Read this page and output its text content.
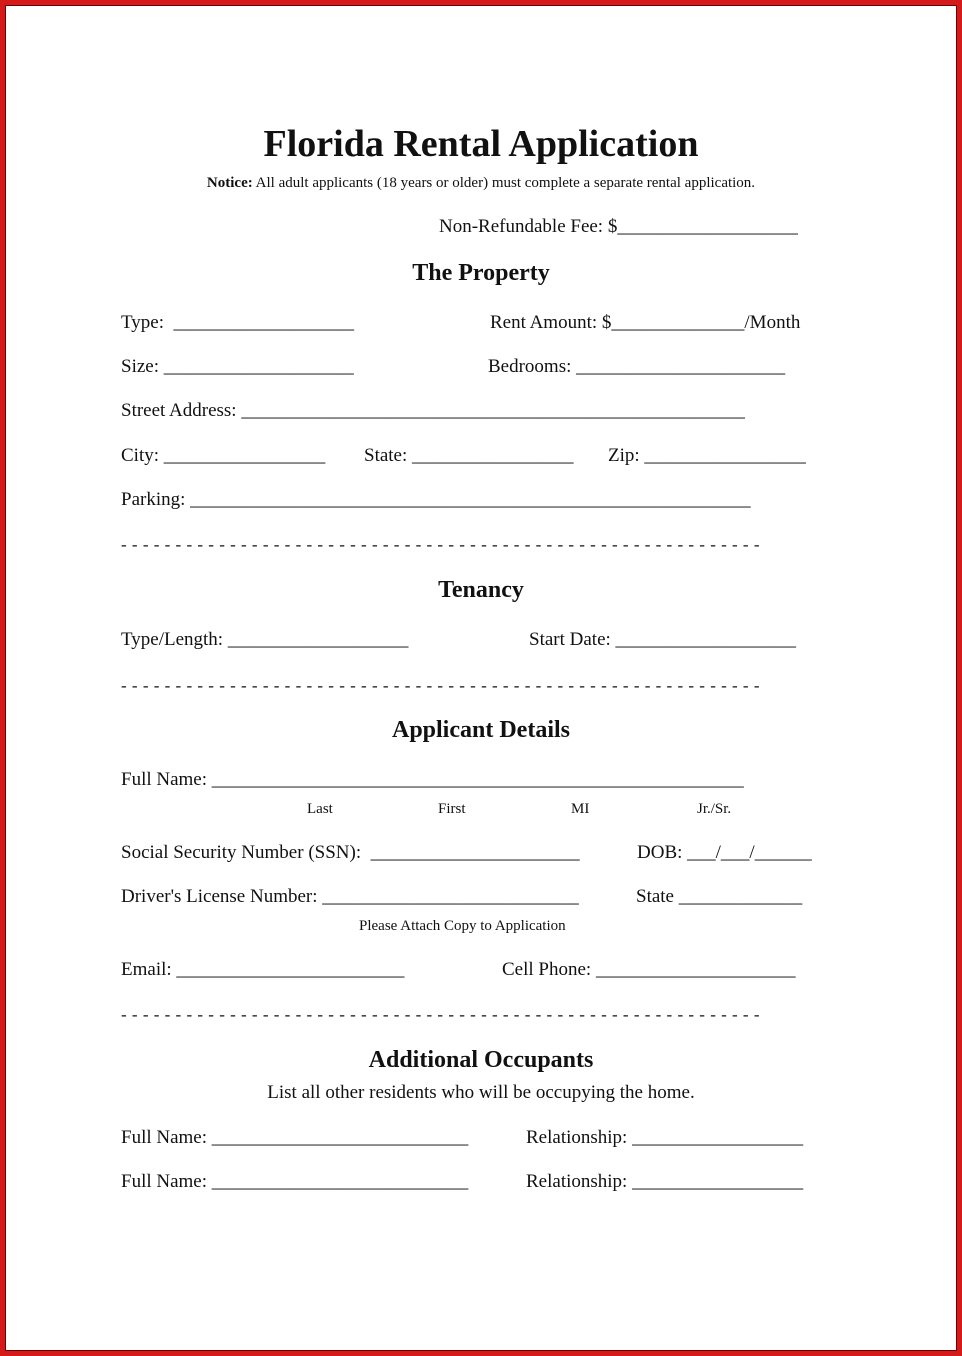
Florida Rental Application
Notice: All adult applicants (18 years or older) must complete a separate rental application.
Non-Refundable Fee: $___________________
The Property
Type:  ___________________	Rent Amount: $______________/Month
Size: ____________________	Bedrooms: ______________________
Street Address: _____________________________________________________
City: _________________ State: _________________ Zip: _________________
Parking: ___________________________________________________________
- - - - - - - - - - - - - - - - - - - - - - - - - - - - - - - - - - - - - - - - - - - - - - - - - - - - - - - - - - -
Tenancy
Type/Length: ___________________	Start Date: ___________________
- - - - - - - - - - - - - - - - - - - - - - - - - - - - - - - - - - - - - - - - - - - - - - - - - - - - - - - - - - -
Applicant Details
Full Name: ________________________________________________________
Last	First	MI	Jr./Sr.
Social Security Number (SSN):  ______________________	DOB: ___/___/______
Driver's License Number: ___________________________	State _____________
Please Attach Copy to Application
Email: ________________________	Cell Phone: _____________________
- - - - - - - - - - - - - - - - - - - - - - - - - - - - - - - - - - - - - - - - - - - - - - - - - - - - - - - - - - -
Additional Occupants
List all other residents who will be occupying the home.
Full Name: ___________________________	Relationship: __________________
Full Name: ___________________________	Relationship: __________________
